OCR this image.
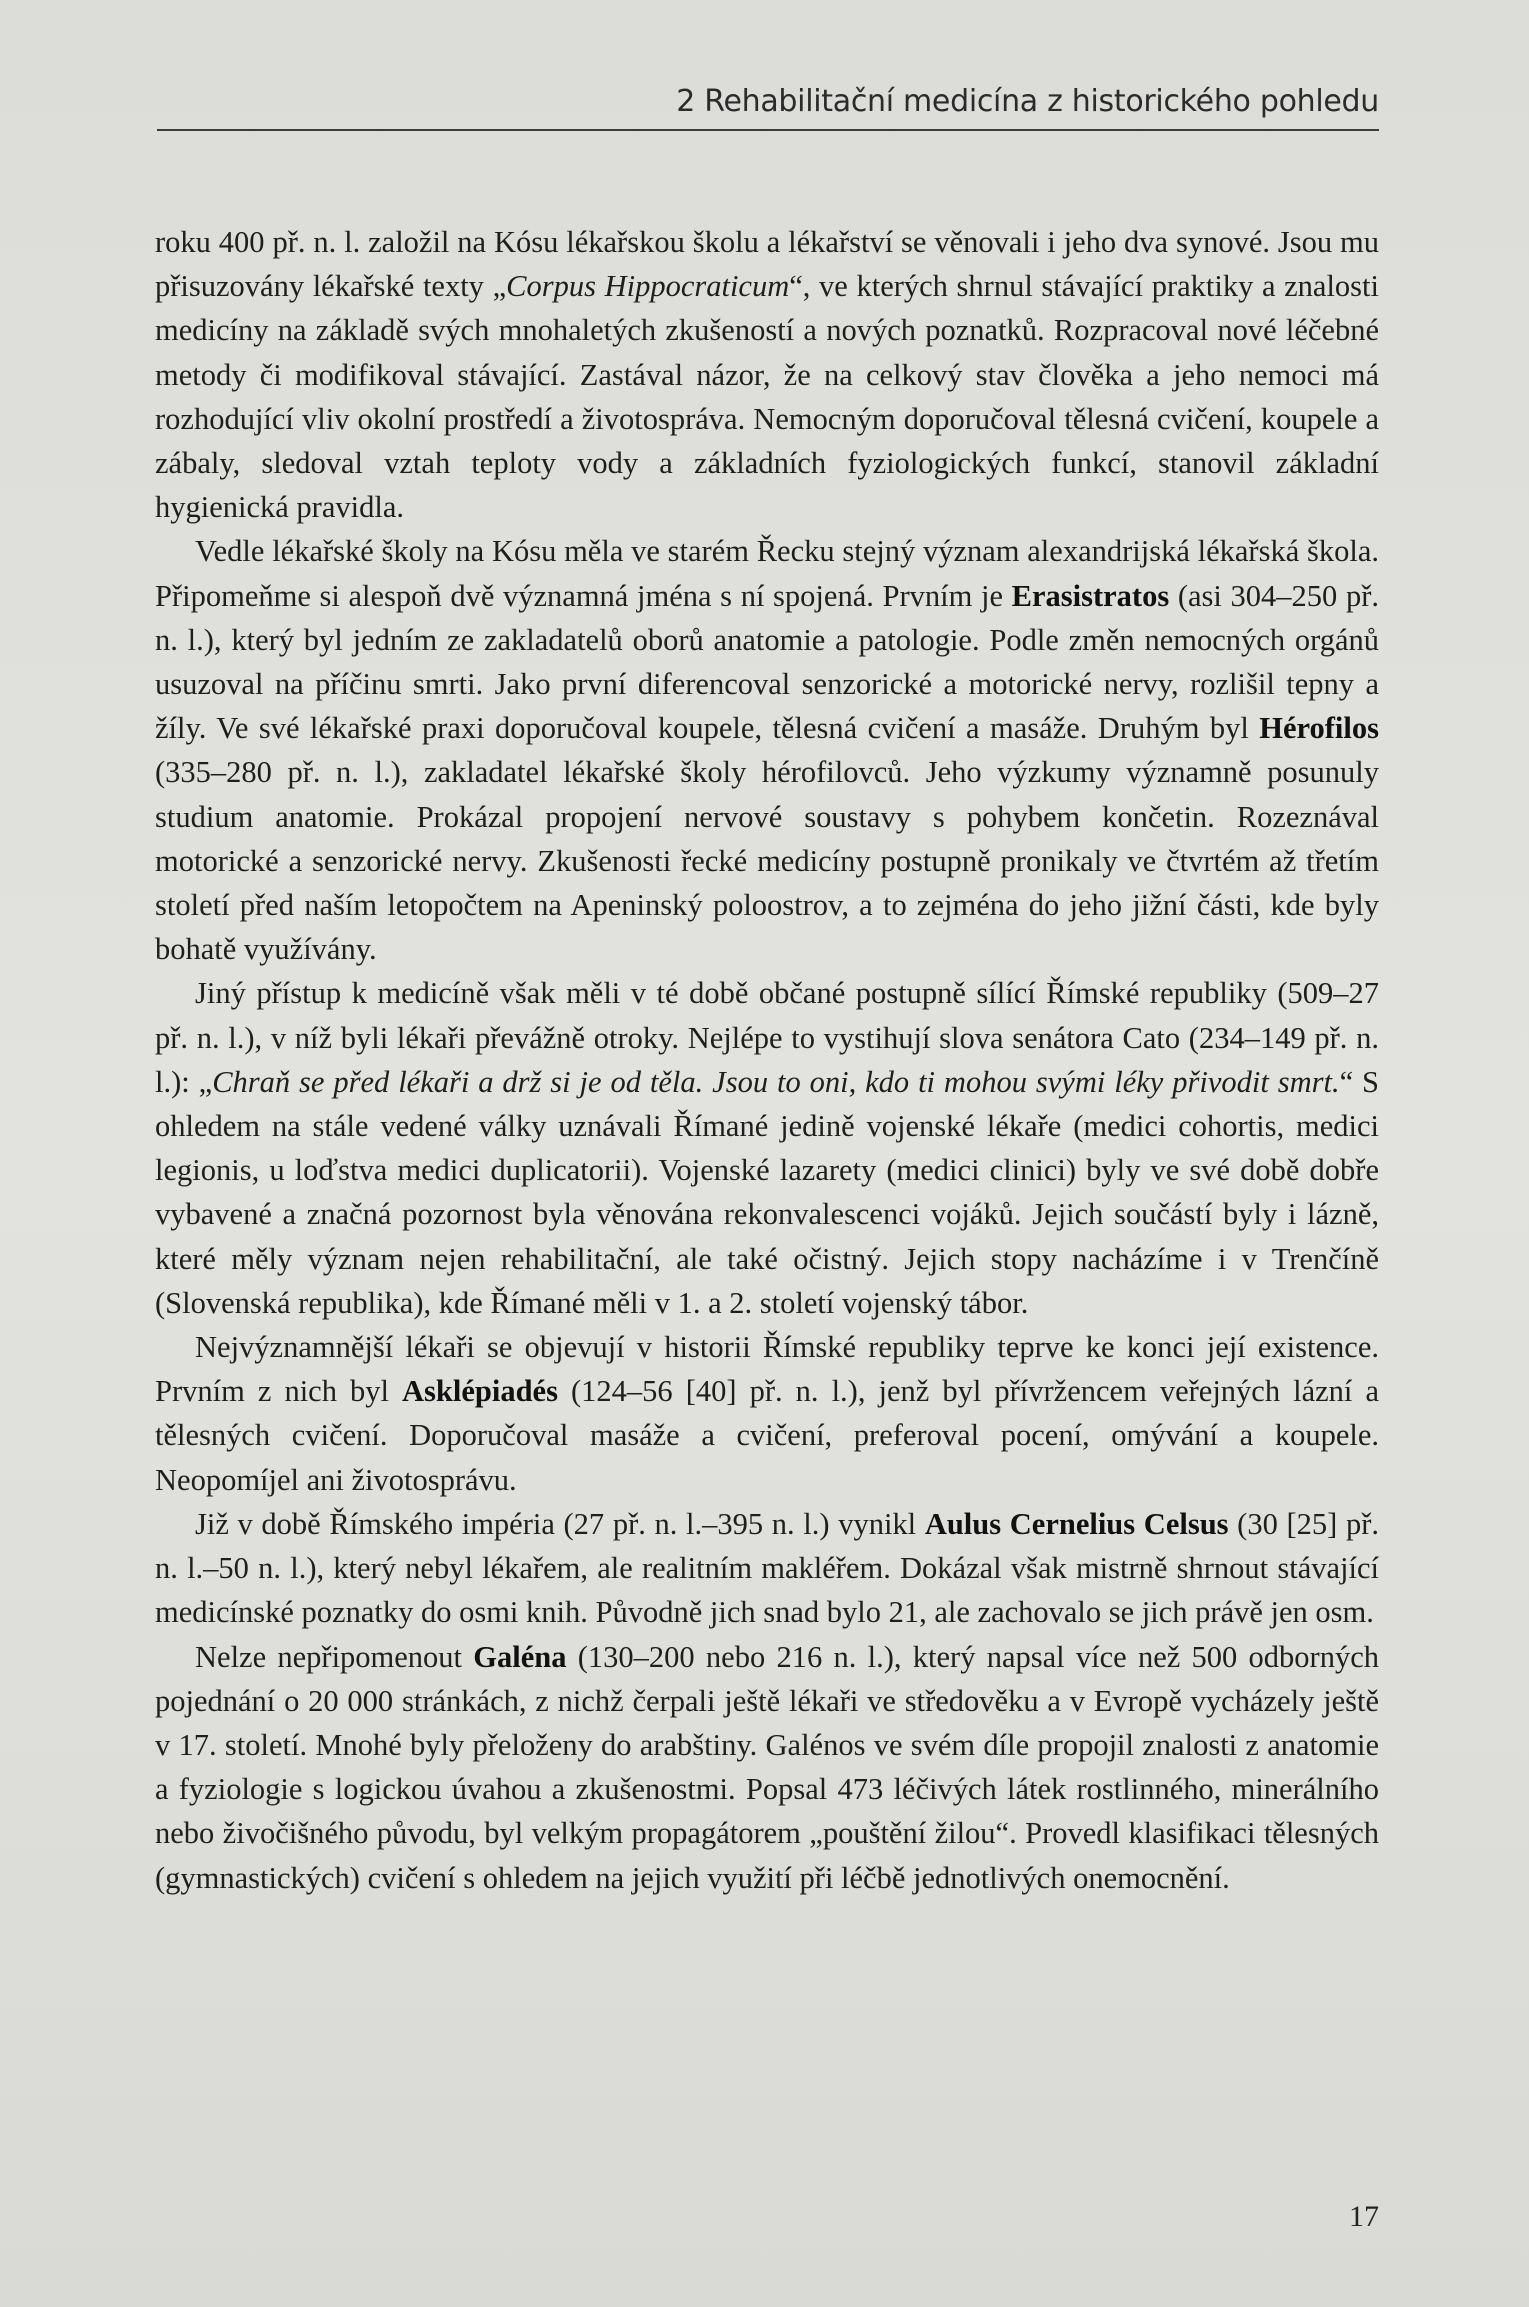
2 Rehabilitační medicína z historického pohledu

roku 400 př. n. l. založil na Kósu lékařskou školu a lékařství se věnovali i jeho dva synové. Jsou mu přisuzovány lékařské texty „Corpus Hippocraticum“, ve kterých shrnul stávající praktiky a znalosti medicíny na základě svých mnohaletých zkušeností a nových poznatků. Rozpracoval nové léčebné metody či modifikoval stávající. Zastával názor, že na celkový stav člověka a jeho nemoci má rozhodující vliv okolní prostředí a životospráva. Nemocným doporučoval tělesná cvičení, koupele a zábaly, sledoval vztah teploty vody a základních fyziologických funkcí, stanovil základní hygienická pravidla.

Vedle lékařské školy na Kósu měla ve starém Řecku stejný význam alexandrijská lékařská škola. Připomeňme si alespoň dvě významná jména s ní spojená. Prvním je Erasistratos (asi 304–250 př. n. l.), který byl jedním ze zakladatelů oborů anatomie a patologie. Podle změn nemocných orgánů usuzoval na příčinu smrti. Jako první diferencoval senzorické a motorické nervy, rozlišil tepny a žíly. Ve své lékařské praxi doporučoval koupele, tělesná cvičení a masáže. Druhým byl Hérofilos (335–280 př. n. l.), zakladatel lékařské školy hérofilovců. Jeho výzkumy významně posunuly studium anatomie. Prokázal propojení nervové soustavy s pohybem končetin. Rozeznával motorické a senzorické nervy. Zkušenosti řecké medicíny postupně pronikaly ve čtvrtém až třetím století před naším letopočtem na Apeninský poloostrov, a to zejména do jeho jižní části, kde byly bohatě využívány.

Jiný přístup k medicíně však měli v té době občané postupně sílící Římské republiky (509–27 př. n. l.), v níž byli lékaři převážně otroky. Nejlépe to vystihují slova senátora Cato (234–149 př. n. l.): „Chraň se před lékaři a drž si je od těla. Jsou to oni, kdo ti mohou svými léky přivodit smrt.“ S ohledem na stále vedené války uznávali Římané jedině vojenské lékaře (medici cohortis, medici legionis, u loďstva medici duplicatorii). Vojenské lazarety (medici clinici) byly ve své době dobře vybavené a značná pozornost byla věnována rekonvalescenci vojáků. Jejich součástí byly i lázně, které měly význam nejen rehabilitační, ale také očistný. Jejich stopy nacházíme i v Trenčíně (Slovenská republika), kde Římané měli v 1. a 2. století vojenský tábor.

Nejvýznamnější lékaři se objevují v historii Římské republiky teprve ke konci její existence. Prvním z nich byl Asklépiadés (124–56 [40] př. n. l.), jenž byl přívržencem veřejných lázní a tělesných cvičení. Doporučoval masáže a cvičení, preferoval pocení, omývání a koupele. Neopomíjel ani životosprávu.

Již v době Římského impéria (27 př. n. l.–395 n. l.) vynikl Aulus Cernelius Celsus (30 [25] př. n. l.–50 n. l.), který nebyl lékařem, ale realitním makléřem. Dokázal však mistrně shrnout stávající medicínské poznatky do osmi knih. Původně jich snad bylo 21, ale zachovalo se jich právě jen osm.

Nelze nepřipomenout Galéna (130–200 nebo 216 n. l.), který napsal více než 500 odborných pojednání o 20 000 stránkách, z nichž čerpali ještě lékaři ve středověku a v Evropě vycházely ještě v 17. století. Mnohé byly přeloženy do arabštiny. Galénos ve svém díle propojil znalosti z anatomie a fyziologie s logickou úvahou a zkušenostmi. Popsal 473 léčivých látek rostlinného, minerálního nebo živočišného původu, byl velkým propagátorem „pouštění žilou“. Provedl klasifikaci tělesných (gymnastických) cvičení s ohledem na jejich využití při léčbě jednotlivých onemocnění.

17
